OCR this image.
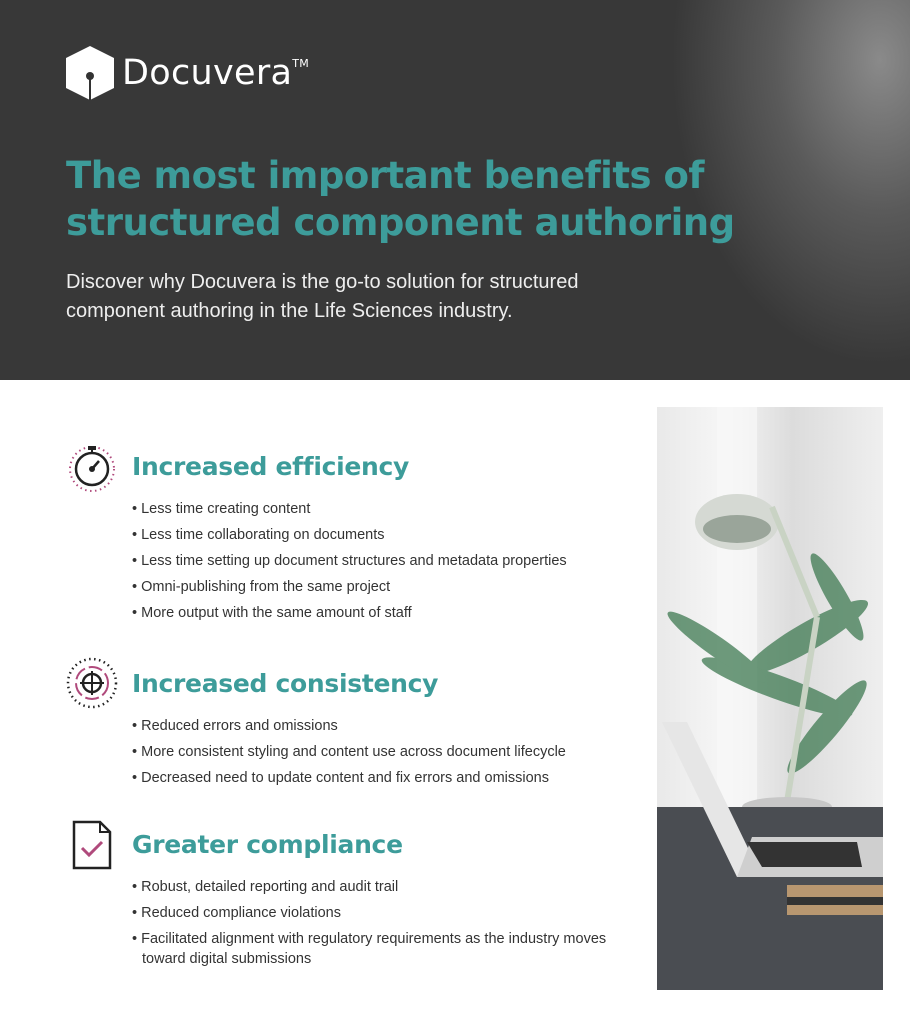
Docuvera™
The most important benefits of structured component authoring

Discover why Docuvera is the go-to solution for structured component authoring in the Life Sciences industry.

Increased efficiency
• Less time creating content
• Less time collaborating on documents
• Less time setting up document structures and metadata properties
• Omni-publishing from the same project
• More output with the same amount of staff
Increased consistency
• Reduced errors and omissions
• More consistent styling and content use across document lifecycle
• Decreased need to update content and fix errors and omissions
Greater compliance
• Robust, detailed reporting and audit trail
• Reduced compliance violations
• Facilitated alignment with regulatory requirements as the industry moves toward digital submissions
